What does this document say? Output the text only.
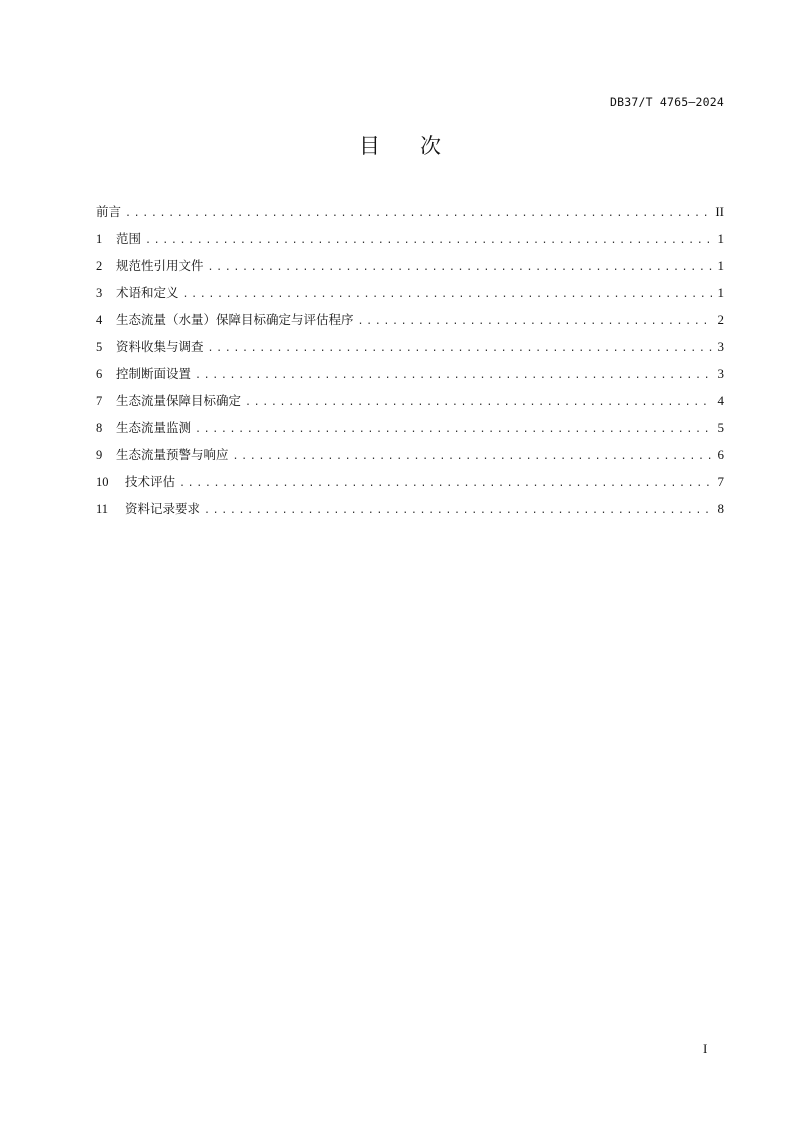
DB37/T 4765—2024
目次
前言 .....	II
1	范围 .....	1
2	规范性引用文件 .....	1
3	术语和定义 .....	1
4	生态流量（水量）保障目标确定与评估程序 .....	2
5	资料收集与调查 .....	3
6	控制断面设置 .....	3
7	生态流量保障目标确定 .....	4
8	生态流量监测 .....	5
9	生态流量预警与响应 .....	6
10	技术评估 .....	7
11	资料记录要求 .....	8
I
